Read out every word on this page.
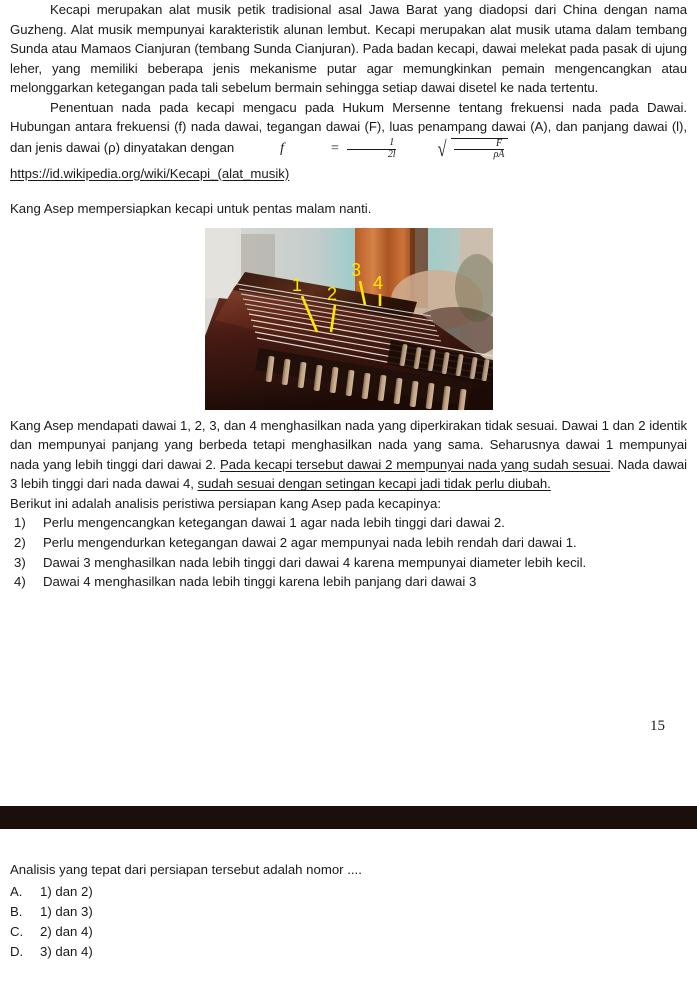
Kecapi merupakan alat musik petik tradisional asal Jawa Barat yang diadopsi dari China dengan nama Guzheng. Alat musik mempunyai karakteristik alunan lembut. Kecapi merupakan alat musik utama dalam tembang Sunda atau Mamaos Cianjuran (tembang Sunda Cianjuran). Pada badan kecapi, dawai melekat pada pasak di ujung leher, yang memiliki beberapa jenis mekanisme putar agar memungkinkan pemain mengencangkan atau melonggarkan ketegangan pada tali sebelum bermain sehingga setiap dawai disetel ke nada tertentu.

Penentuan nada pada kecapi mengacu pada Hukum Mersenne tentang frekuensi nada pada Dawai. Hubungan antara frekuensi (f) nada dawai, tegangan dawai (F), luas penampang dawai (A), dan panjang dawai (l), dan jenis dawai (ρ) dinyatakan dengan	f	= $\frac{1}{2l}$	√ $\frac{F}{\rho A}$

https://id.wikipedia.org/wiki/Kecapi_(alat_musik)

Kang Asep mempersiapkan kecapi untuk pentas malam nanti.

1 2
3
4

Kang Asep mendapati dawai 1, 2, 3, dan 4 menghasilkan nada yang diperkirakan tidak sesuai. Dawai 1 dan 2 identik dan mempunyai panjang yang berbeda tetapi menghasilkan nada yang sama. Seharusnya dawai 1 mempunyai nada yang lebih tinggi dari dawai 2. Pada kecapi tersebut dawai 2 mempunyai nada yang sudah sesuai. Nada dawai 3 lebih tinggi dari nada dawai 4, sudah sesuai dengan setingan kecapi jadi tidak perlu diubah.

Berikut ini adalah analisis peristiwa persiapan kang Asep pada kecapinya:

1) Perlu mengencangkan ketegangan dawai 1 agar nada lebih tinggi dari dawai 2.
2) Perlu mengendurkan ketegangan dawai 2 agar mempunyai nada lebih rendah dari dawai 1.
3) Dawai 3 menghasilkan nada lebih tinggi dari dawai 4 karena mempunyai diameter lebih kecil.
4) Dawai 4 menghasilkan nada lebih tinggi karena lebih panjang dari dawai 3
15

Analisis yang tepat dari persiapan tersebut adalah nomor ....

A. 1) dan 2)
B. 1) dan 3)
C. 2) dan 4)
D. 3) dan 4)
